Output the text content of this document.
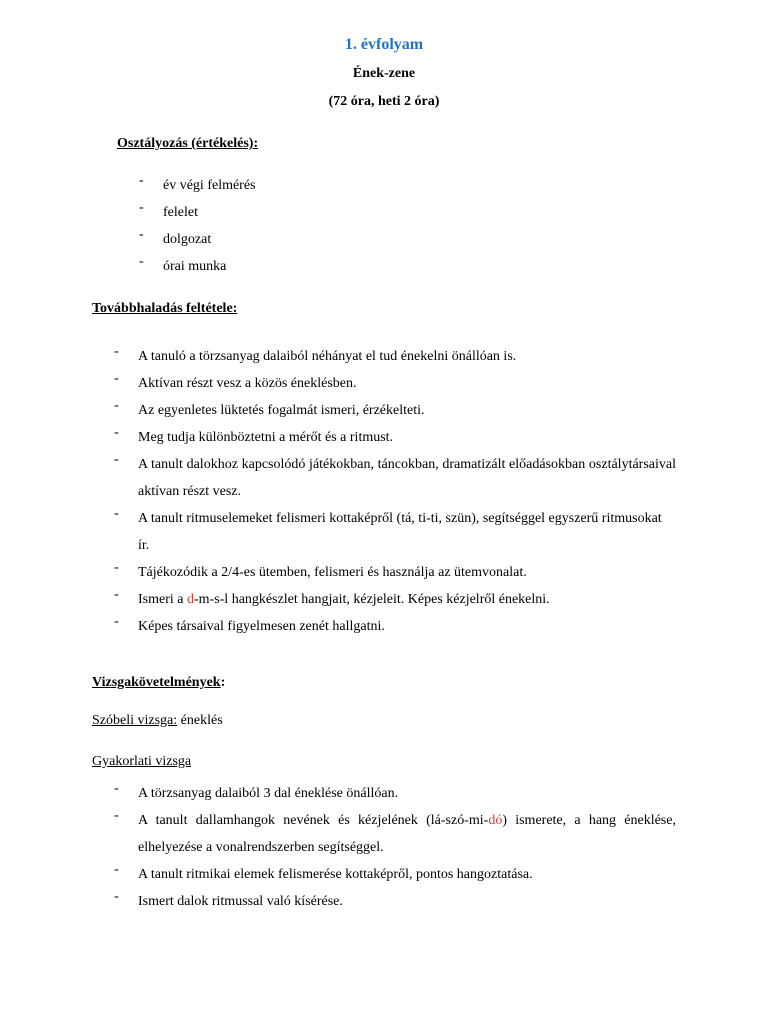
1. évfolyam
Ének-zene
(72 óra, heti 2 óra)
Osztályozás (értékelés):
- év végi felmérés
- felelet
- dolgozat
- órai munka
Továbbhaladás feltétele:
- A tanuló a törzsanyag dalaiból néhányat el tud énekelni önállóan is.
- Aktívan részt vesz a közös éneklésben.
- Az egyenletes lüktetés fogalmát ismeri, érzékelteti.
- Meg tudja különböztetni a mérőt és a ritmust.
- A tanult dalokhoz kapcsolódó játékokban, táncokban, dramatizált előadásokban osztálytársaival aktívan részt vesz.
- A tanult ritmuselemeket felismeri kottaképről (tá, ti-ti, szün), segítséggel egyszerű ritmusokat ír.
- Tájékozódik a 2/4-es ütemben, felismeri és használja az ütemvonalat.
- Ismeri a d-m-s-l hangkészlet hangjait, kézjeleit. Képes kézjelről énekelni.
- Képes társaival figyelmesen zenét hallgatni.
Vizsgakövetelmények:
Szóbeli vizsga: éneklés
Gyakorlati vizsga
- A törzsanyag dalaiból 3 dal éneklése önállóan.
- A tanult dallamhangok nevének és kézjelének (lá-szó-mi-dó) ismerete, a hang éneklése, elhelyezése a vonalrendszerben segítséggel.
- A tanult ritmikai elemek felismerése kottaképről, pontos hangoztatása.
- Ismert dalok ritmussal való kísérése.
